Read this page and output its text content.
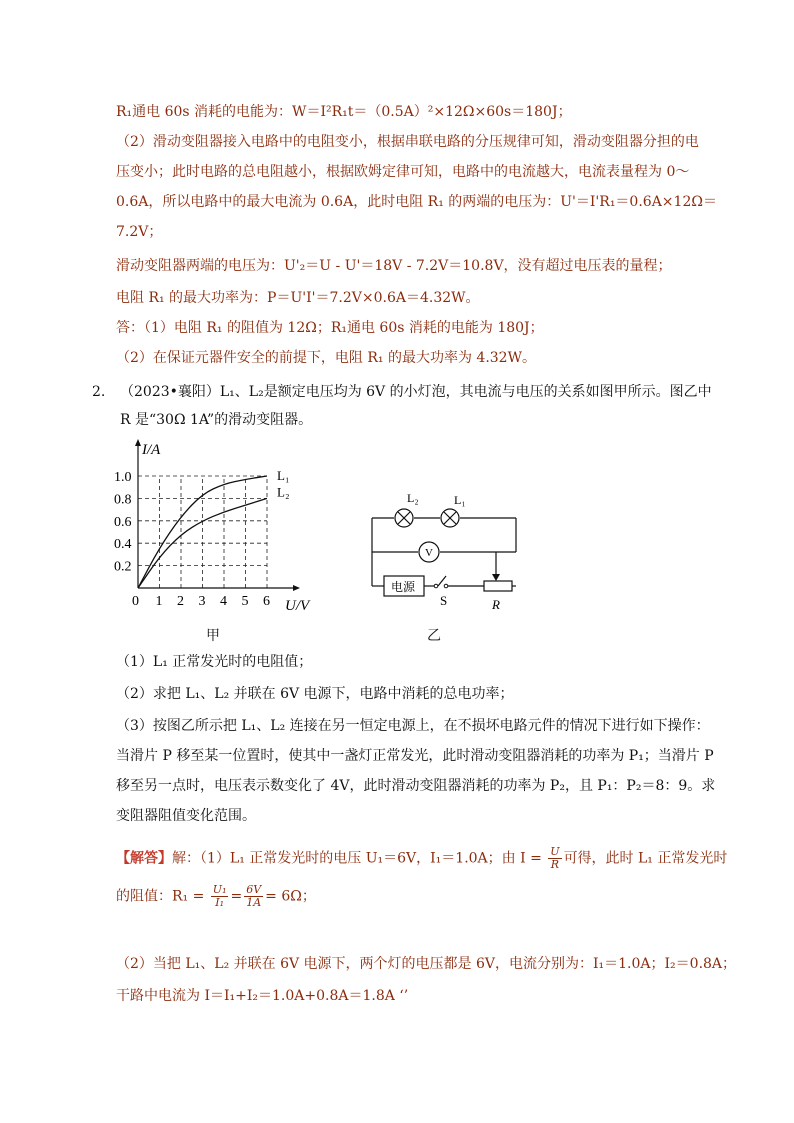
R₁通电 60s 消耗的电能为：W＝I²R₁t＝（0.5A）²×12Ω×60s＝180J；
（2）滑动变阻器接入电路中的电阻变小，根据串联电路的分压规律可知，滑动变阻器分担的电
压变小；此时电路的总电阻越小，根据欧姆定律可知，电路中的电流越大，电流表量程为 0～
0.6A，所以电路中的最大电流为 0.6A，此时电阻 R₁ 的两端的电压为：U'＝I'R₁＝0.6A×12Ω＝
7.2V；
滑动变阻器两端的电压为：U'₂＝U - U'＝18V - 7.2V＝10.8V，没有超过电压表的量程；
电阻 R₁ 的最大功率为：P＝U'I'＝7.2V×0.6A＝4.32W。
答：（1）电阻 R₁ 的阻值为 12Ω；R₁通电 60s 消耗的电能为 180J；
（2）在保证元器件安全的前提下，电阻 R₁ 的最大功率为 4.32W。
2. （2023•襄阳）L₁、L₂是额定电压均为 6V 的小灯泡，其电流与电压的关系如图甲所示。图乙中
R 是“30Ω 1A”的滑动变阻器。
0 1 2 3 4 5 6
0.2
0.4
0.6
0.8
1.0
I/A
U/V
L₁
L₂	L₂	L₁
V
电源
S	R
甲	乙
（1）L₁ 正常发光时的电阻值；
（2）求把 L₁、L₂ 并联在 6V 电源下，电路中消耗的总电功率；
（3）按图乙所示把 L₁、L₂ 连接在另一恒定电源上，在不损坏电路元件的情况下进行如下操作：
当滑片 P 移至某一位置时，使其中一盏灯正常发光，此时滑动变阻器消耗的功率为 P₁；当滑片 P
移至另一点时，电压表示数变化了 4V，此时滑动变阻器消耗的功率为 P₂，且 P₁：P₂＝8：9。求
变阻器阻值变化范围。
【解答】解：（1）L₁ 正常发光时的电压 U₁＝6V，I₁＝1.0A；由 $I = \frac{U}{R}$ 可得，此时 L₁ 正常发光时
的阻值：$R_1 = \frac{\text{U₁}}{\text{I₁}} = \frac{6V}{1A} = 6\Omega$；
（2）当把 L₁、L₂ 并联在 6V 电源下，两个灯的电压都是 6V，电流分别为：I₁＝1.0A；I₂＝0.8A；
干路中电流为 I＝I₁+I₂＝1.0A+0.8A＝1.8A ‘’
